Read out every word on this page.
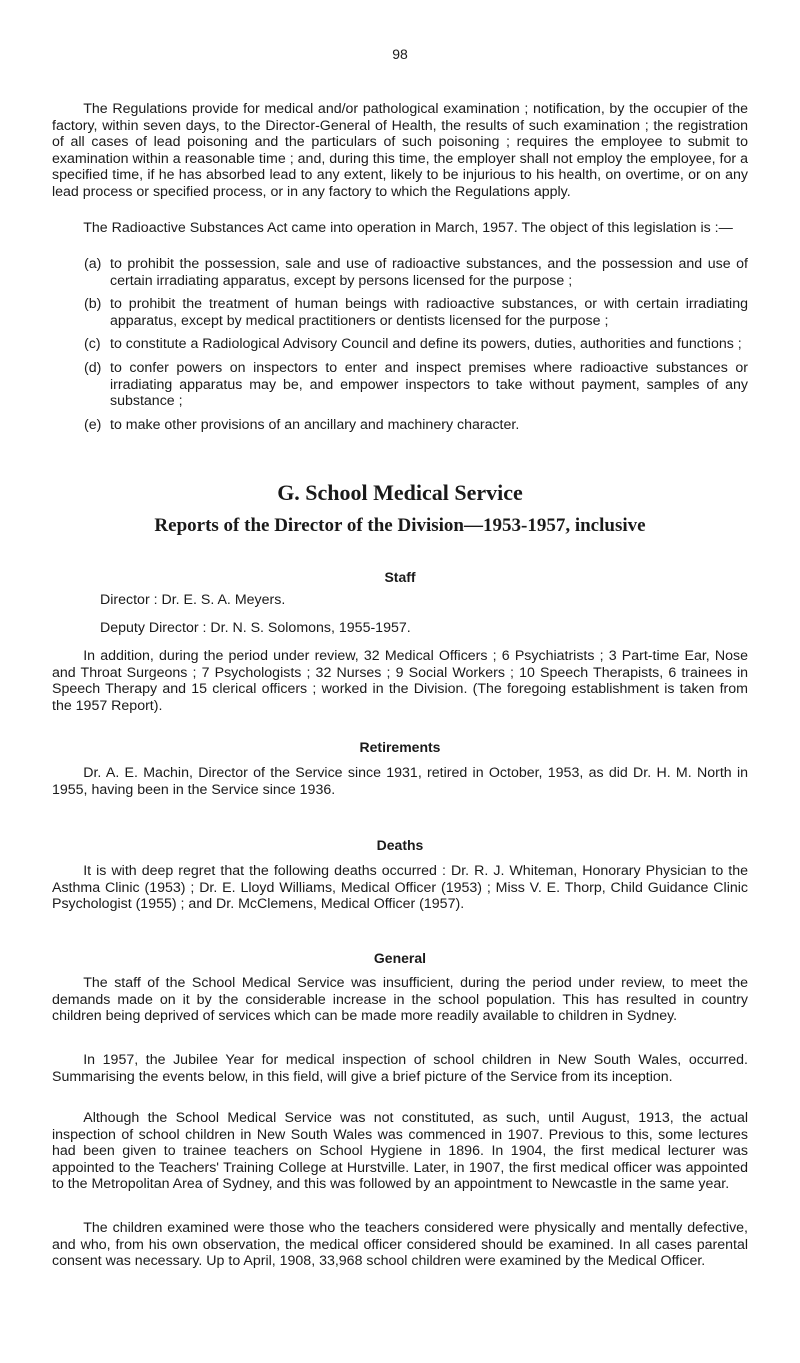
98

The Regulations provide for medical and/or pathological examination ; notification, by the occupier of the factory, within seven days, to the Director-General of Health, the results of such examination ; the registration of all cases of lead poisoning and the particulars of such poisoning ; requires the employee to submit to examination within a reasonable time ; and, during this time, the employer shall not employ the employee, for a specified time, if he has absorbed lead to any extent, likely to be injurious to his health, on overtime, or on any lead process or specified process, or in any factory to which the Regulations apply.

The Radioactive Substances Act came into operation in March, 1957. The object of this legislation is :—

(a) to prohibit the possession, sale and use of radioactive substances, and the possession and use of certain irradiating apparatus, except by persons licensed for the purpose ;
(b) to prohibit the treatment of human beings with radioactive substances, or with certain irradiating apparatus, except by medical practitioners or dentists licensed for the purpose ;
(c) to constitute a Radiological Advisory Council and define its powers, duties, authorities and functions ;
(d) to confer powers on inspectors to enter and inspect premises where radioactive substances or irradiating apparatus may be, and empower inspectors to take without payment, samples of any substance ;
(e) to make other provisions of an ancillary and machinery character.
G. School Medical Service
Reports of the Director of the Division—1953-1957, inclusive
Staff

Director : Dr. E. S. A. Meyers.

Deputy Director : Dr. N. S. Solomons, 1955-1957.

In addition, during the period under review, 32 Medical Officers ; 6 Psychiatrists ; 3 Part-time Ear, Nose and Throat Surgeons ; 7 Psychologists ; 32 Nurses ; 9 Social Workers ; 10 Speech Therapists, 6 trainees in Speech Therapy and 15 clerical officers ; worked in the Division. (The foregoing establishment is taken from the 1957 Report).

Retirements

Dr. A. E. Machin, Director of the Service since 1931, retired in October, 1953, as did Dr. H. M. North in 1955, having been in the Service since 1936.

Deaths

It is with deep regret that the following deaths occurred : Dr. R. J. Whiteman, Honorary Physician to the Asthma Clinic (1953) ; Dr. E. Lloyd Williams, Medical Officer (1953) ; Miss V. E. Thorp, Child Guidance Clinic Psychologist (1955) ; and Dr. McClemens, Medical Officer (1957).

General

The staff of the School Medical Service was insufficient, during the period under review, to meet the demands made on it by the considerable increase in the school population. This has resulted in country children being deprived of services which can be made more readily available to children in Sydney.

In 1957, the Jubilee Year for medical inspection of school children in New South Wales, occurred. Summarising the events below, in this field, will give a brief picture of the Service from its inception.

Although the School Medical Service was not constituted, as such, until August, 1913, the actual inspection of school children in New South Wales was commenced in 1907. Previous to this, some lectures had been given to trainee teachers on School Hygiene in 1896. In 1904, the first medical lecturer was appointed to the Teachers' Training College at Hurstville. Later, in 1907, the first medical officer was appointed to the Metropolitan Area of Sydney, and this was followed by an appointment to Newcastle in the same year.

The children examined were those who the teachers considered were physically and mentally defective, and who, from his own observation, the medical officer considered should be examined. In all cases parental consent was necessary. Up to April, 1908, 33,968 school children were examined by the Medical Officer.
